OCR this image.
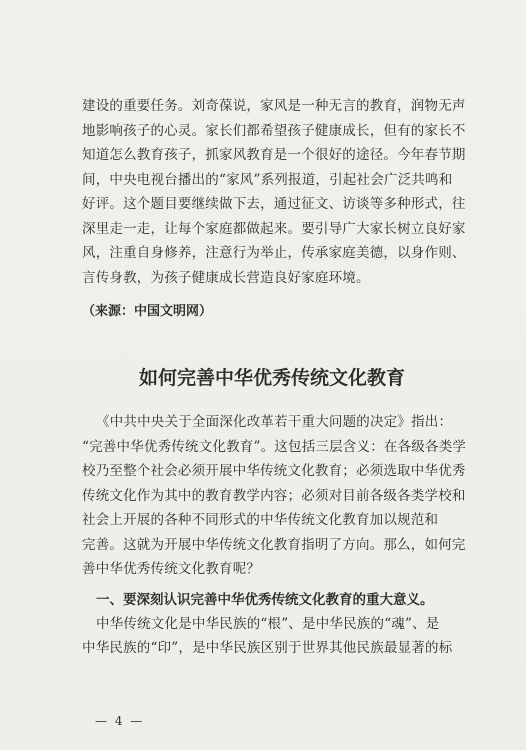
建设的重要任务。刘奇葆说，家风是一种无言的教育，润物无声

地影响孩子的心灵。家长们都希望孩子健康成长，但有的家长不

知道怎么教育孩子，抓家风教育是一个很好的途径。今年春节期

间，中央电视台播出的“家风”系列报道，引起社会广泛共鸣和

好评。这个题目要继续做下去，通过征文、访谈等多种形式，往

深里走一走，让每个家庭都做起来。要引导广大家长树立良好家

风，注重自身修养，注意行为举止，传承家庭美德，以身作则、

言传身教，为孩子健康成长营造良好家庭环境。

（来源：中国文明网）
如何完善中华优秀传统文化教育

《中共中央关于全面深化改革若干重大问题的决定》指出：

“完善中华优秀传统文化教育”。这包括三层含义：在各级各类学

校乃至整个社会必须开展中华传统文化教育；必须选取中华优秀

传统文化作为其中的教育教学内容；必须对目前各级各类学校和

社会上开展的各种不同形式的中华传统文化教育加以规范和

完善。这就为开展中华传统文化教育指明了方向。那么，如何完

善中华优秀传统文化教育呢？

一、要深刻认识完善中华优秀传统文化教育的重大意义。

中华传统文化是中华民族的“根”、是中华民族的“魂”、是

中华民族的“印”，是中华民族区别于世界其他民族最显著的标

— 4 —
